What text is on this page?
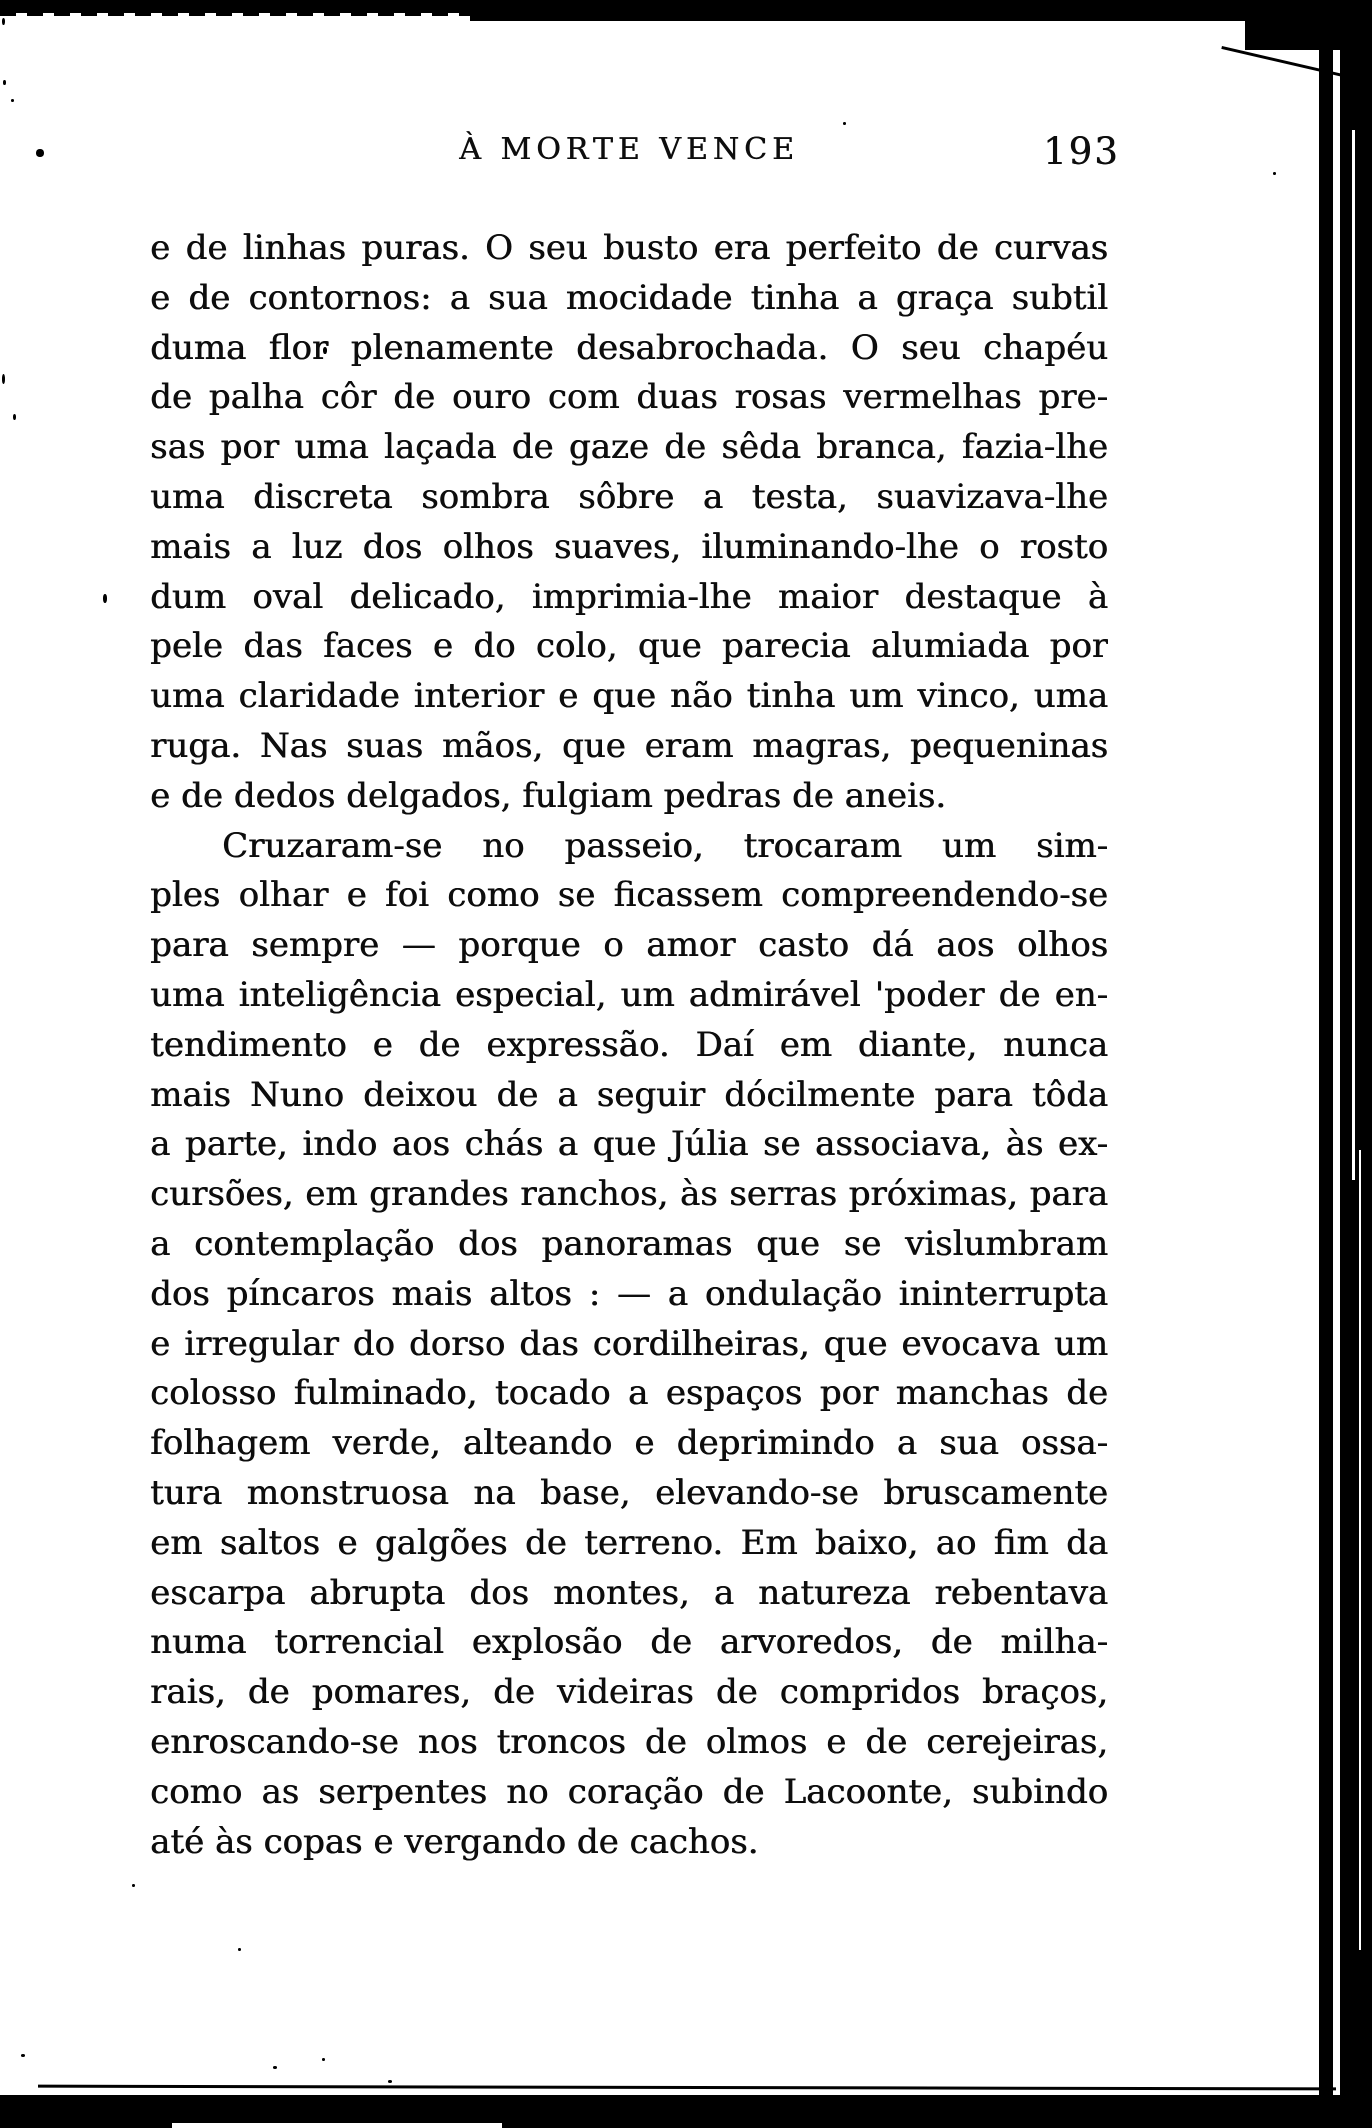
À MORTE VENCE	193
e de linhas puras. O seu busto era perfeito de curvas
e de contornos: a sua mocidade tinha a graça subtil
duma flor plenamente desabrochada. O seu chapéu
de palha côr de ouro com duas rosas vermelhas pre-
sas por uma laçada de gaze de sêda branca, fazia-lhe
uma discreta sombra sôbre a testa, suavizava-lhe
mais a luz dos olhos suaves, iluminando-lhe o rosto
dum oval delicado, imprimia-lhe maior destaque à
pele das faces e do colo, que parecia alumiada por
uma claridade interior e que não tinha um vinco, uma
ruga. Nas suas mãos, que eram magras, pequeninas
e de dedos delgados, fulgiam pedras de aneis.
Cruzaram-se no passeio, trocaram um sim-
ples olhar e foi como se ficassem compreendendo-se
para sempre — porque o amor casto dá aos olhos
uma inteligência especial, um admirável 'poder de en-
tendimento e de expressão. Daí em diante, nunca
mais Nuno deixou de a seguir dócilmente para tôda
a parte, indo aos chás a que Júlia se associava, às ex-
cursões, em grandes ranchos, às serras próximas, para
a contemplação dos panoramas que se vislumbram
dos píncaros mais altos : — a ondulação ininterrupta
e irregular do dorso das cordilheiras, que evocava um
colosso fulminado, tocado a espaços por manchas de
folhagem verde, alteando e deprimindo a sua ossa-
tura monstruosa na base, elevando-se bruscamente
em saltos e galgões de terreno. Em baixo, ao fim da
escarpa abrupta dos montes, a natureza rebentava
numa torrencial explosão de arvoredos, de milha-
rais, de pomares, de videiras de compridos braços,
enroscando-se nos troncos de olmos e de cerejeiras,
como as serpentes no coração de Lacoonte, subindo
até às copas e vergando de cachos.
